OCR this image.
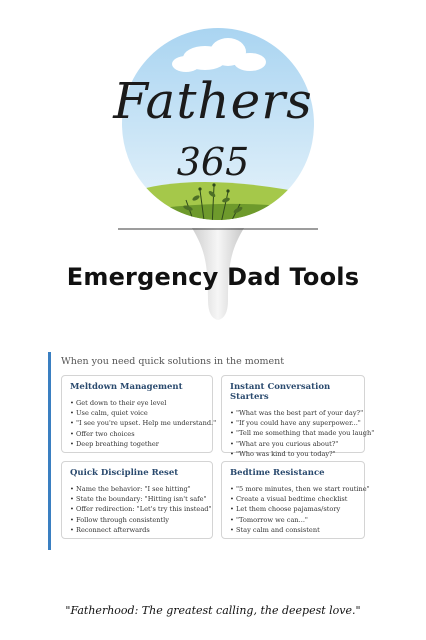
Fathers
365
Emergency Dad Tools
When you need quick solutions in the moment
Meltdown Management
• Get down to their eye level
• Use calm, quiet voice
• "I see you're upset. Help me understand."
• Offer two choices
• Deep breathing together
Instant Conversation Starters
• "What was the best part of your day?"
• "If you could have any superpower..."
• "Tell me something that made you laugh"
• "What are you curious about?"
• "Who was kind to you today?"
Quick Discipline Reset
• Name the behavior: "I see hitting"
• State the boundary: "Hitting isn't safe"
• Offer redirection: "Let's try this instead"
• Follow through consistently
• Reconnect afterwards
Bedtime Resistance
• "5 more minutes, then we start routine"
• Create a visual bedtime checklist
• Let them choose pajamas/story
• "Tomorrow we can..."
• Stay calm and consistent
"Fatherhood: The greatest calling, the deepest love."
